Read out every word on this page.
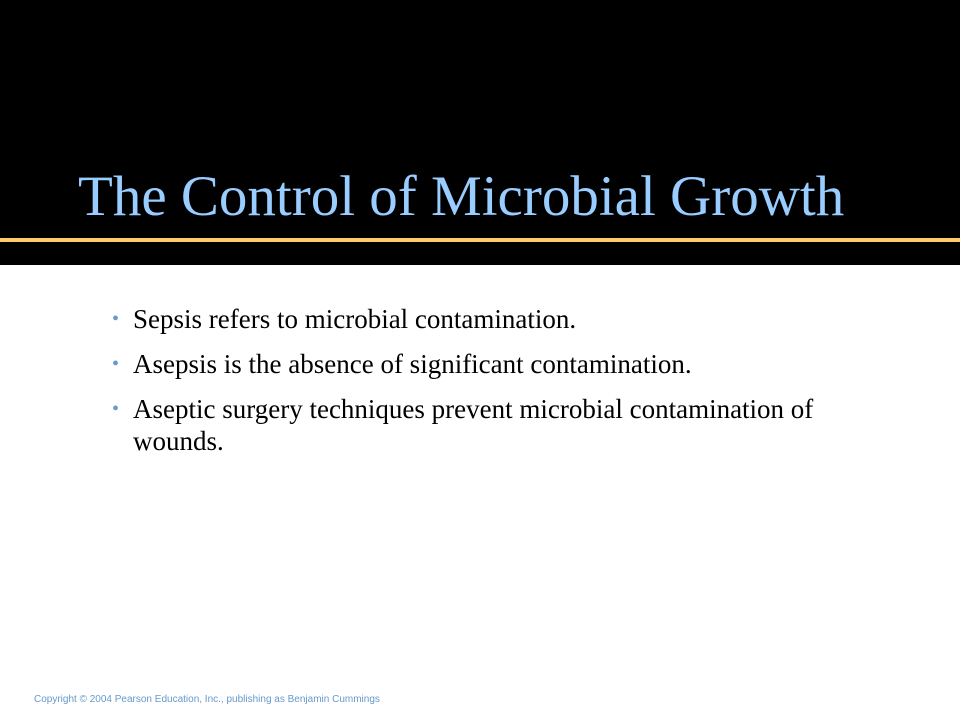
The Control of Microbial Growth
• Sepsis refers to microbial contamination.
• Asepsis is the absence of significant contamination.
• Aseptic surgery techniques prevent microbial contamination of wounds.
Copyright © 2004 Pearson Education, Inc., publishing as Benjamin Cummings
